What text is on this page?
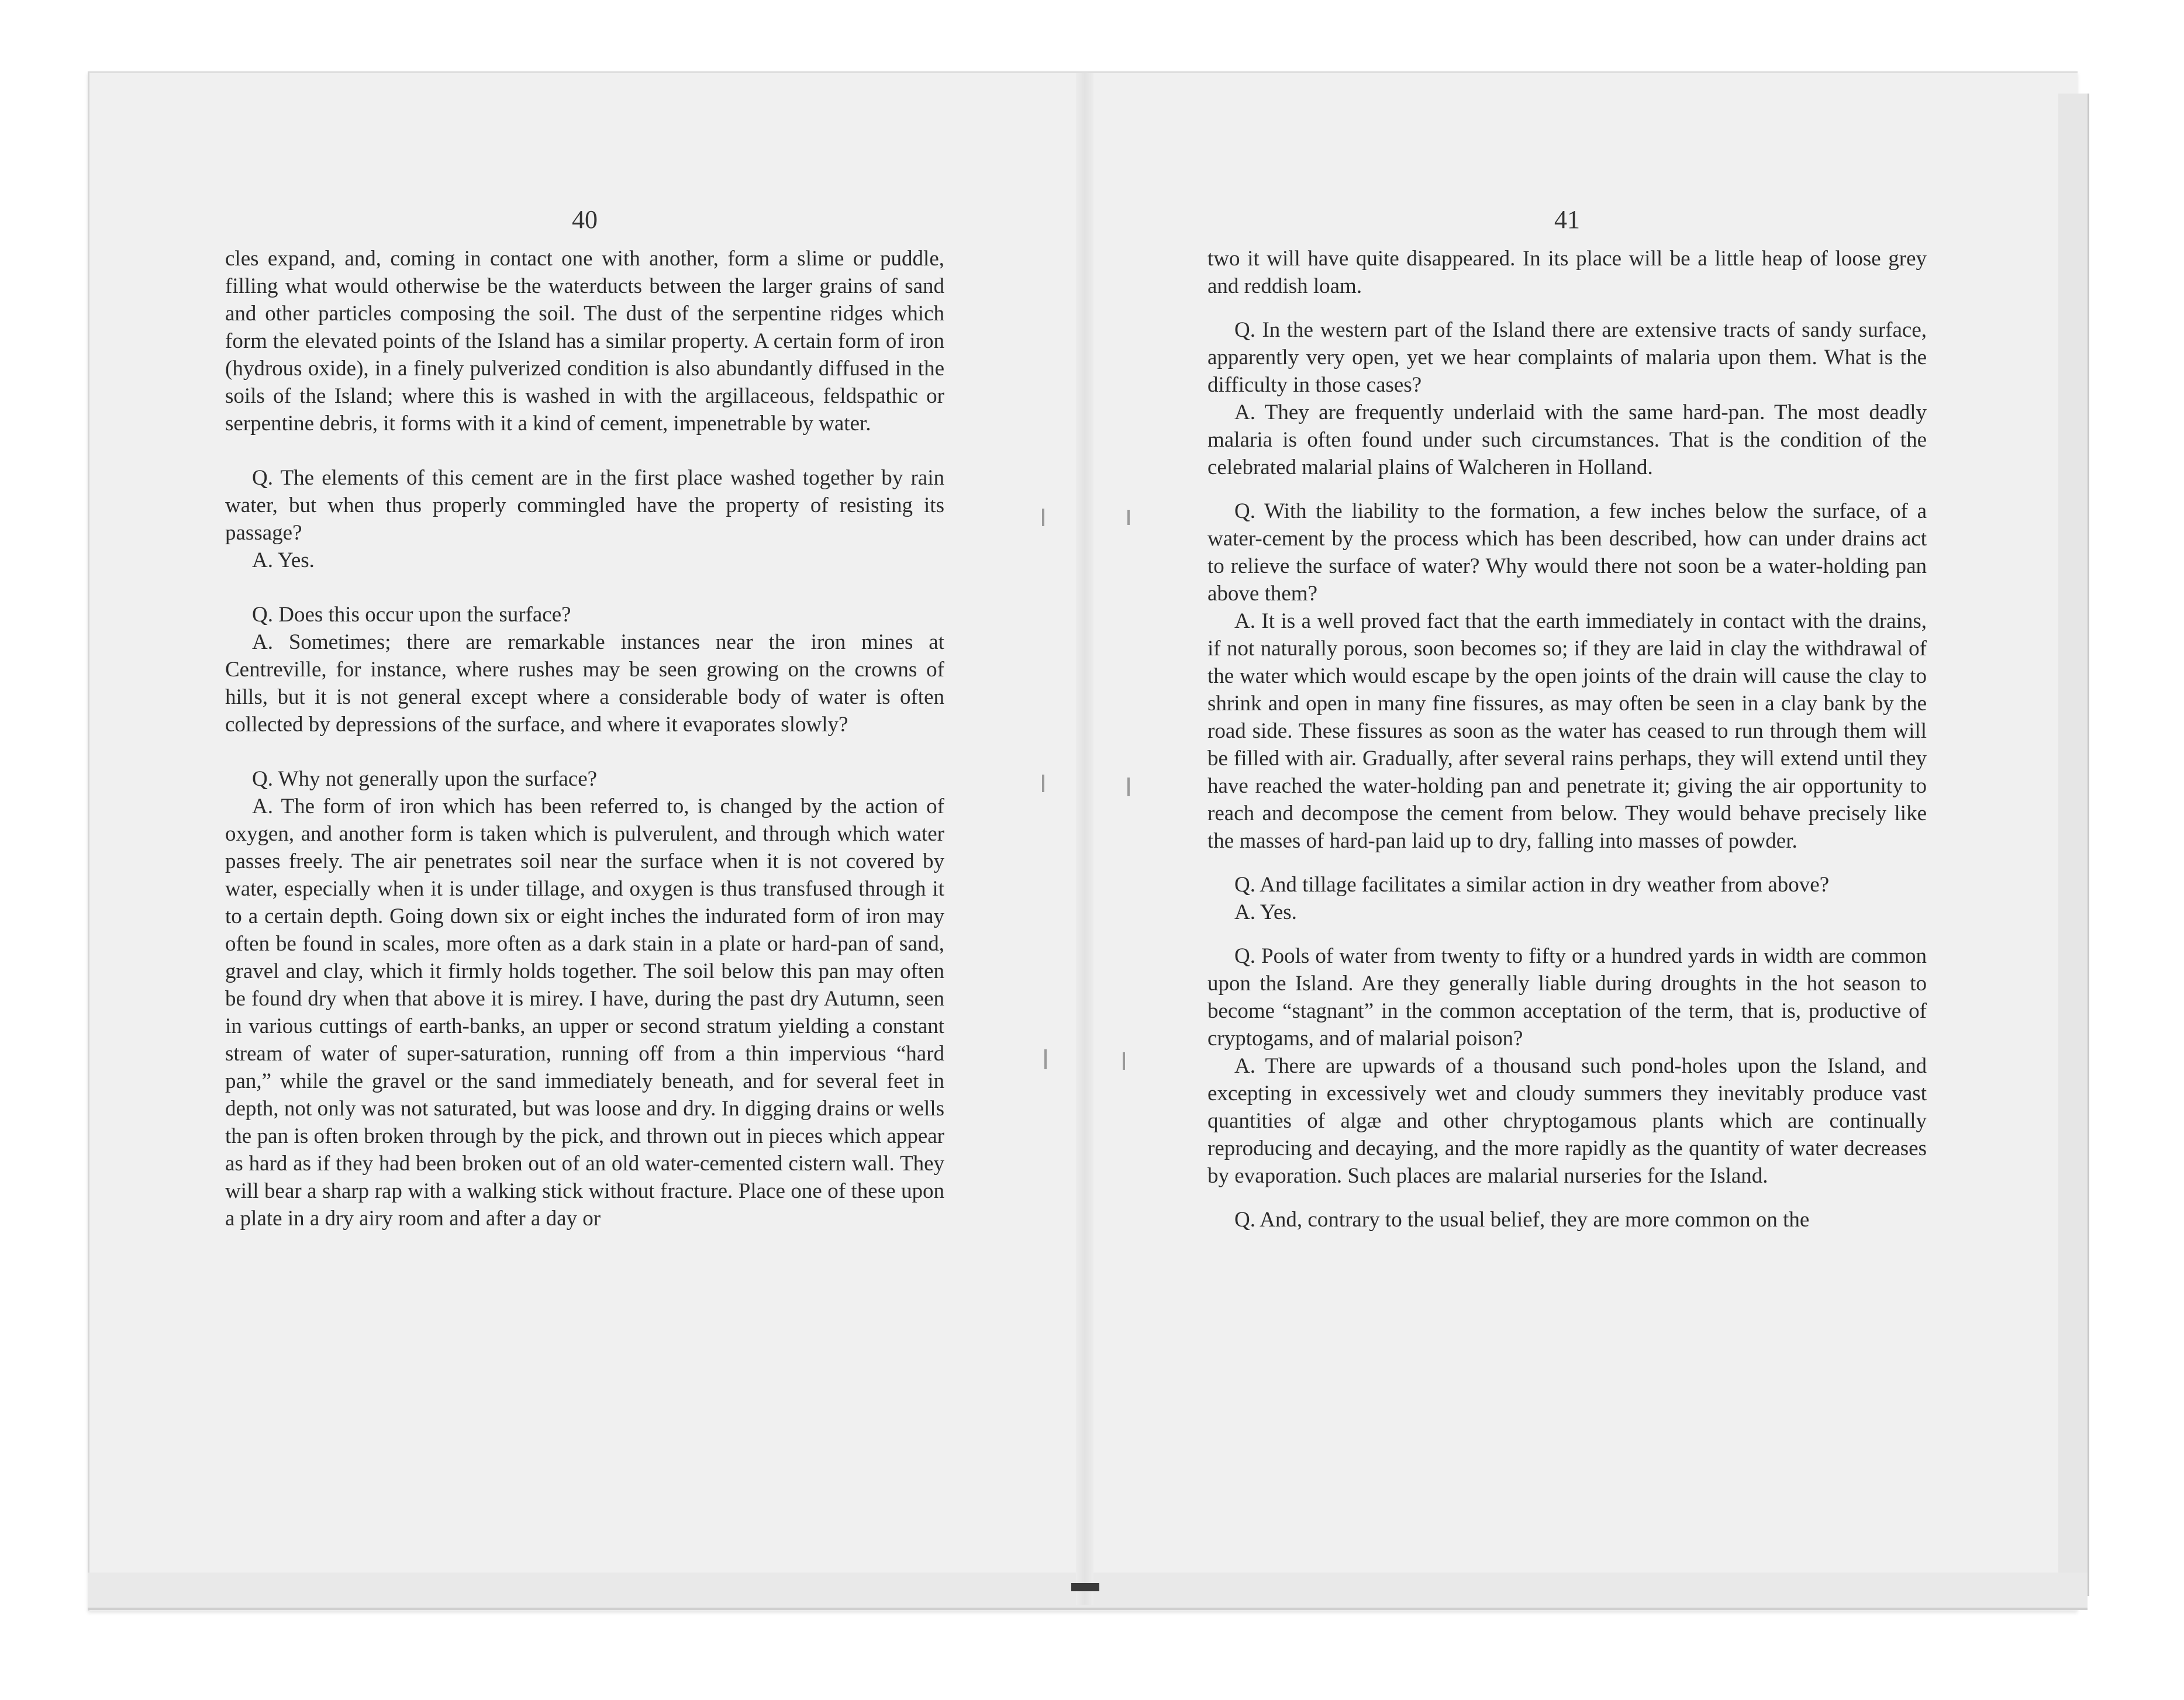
40

cles expand, and, coming in contact one with another, form a slime or puddle, filling what would otherwise be the waterducts between the larger grains of sand and other particles composing the soil. The dust of the serpentine ridges which form the elevated points of the Island has a similar property. A certain form of iron (hydrous oxide), in a finely pulverized condition is also abundantly diffused in the soils of the Island; where this is washed in with the argillaceous, feldspathic or serpentine debris, it forms with it a kind of cement, impenetrable by water.

Q. The elements of this cement are in the first place washed together by rain water, but when thus properly commingled have the property of resisting its passage?

A. Yes.

Q. Does this occur upon the surface?

A. Sometimes; there are remarkable instances near the iron mines at Centreville, for instance, where rushes may be seen growing on the crowns of hills, but it is not general except where a considerable body of water is often collected by depressions of the surface, and where it evaporates slowly?

Q. Why not generally upon the surface?

A. The form of iron which has been referred to, is changed by the action of oxygen, and another form is taken which is pulverulent, and through which water passes freely. The air penetrates soil near the surface when it is not covered by water, especially when it is under tillage, and oxygen is thus transfused through it to a certain depth. Going down six or eight inches the indurated form of iron may often be found in scales, more often as a dark stain in a plate or hard-pan of sand, gravel and clay, which it firmly holds together. The soil below this pan may often be found dry when that above it is mirey. I have, during the past dry Autumn, seen in various cuttings of earth-banks, an upper or second stratum yielding a constant stream of water of super-saturation, running off from a thin impervious “hard pan,” while the gravel or the sand immediately beneath, and for several feet in depth, not only was not saturated, but was loose and dry. In digging drains or wells the pan is often broken through by the pick, and thrown out in pieces which appear as hard as if they had been broken out of an old water-cemented cistern wall. They will bear a sharp rap with a walking stick without fracture. Place one of these upon a plate in a dry airy room and after a day or

41

two it will have quite disappeared. In its place will be a little heap of loose grey and reddish loam.

Q. In the western part of the Island there are extensive tracts of sandy surface, apparently very open, yet we hear complaints of malaria upon them. What is the difficulty in those cases?

A. They are frequently underlaid with the same hard-pan. The most deadly malaria is often found under such circumstances. That is the condition of the celebrated malarial plains of Walcheren in Holland.

Q. With the liability to the formation, a few inches below the surface, of a water-cement by the process which has been described, how can under drains act to relieve the surface of water? Why would there not soon be a water-holding pan above them?

A. It is a well proved fact that the earth immediately in contact with the drains, if not naturally porous, soon becomes so; if they are laid in clay the withdrawal of the water which would escape by the open joints of the drain will cause the clay to shrink and open in many fine fissures, as may often be seen in a clay bank by the road side. These fissures as soon as the water has ceased to run through them will be filled with air. Gradually, after several rains perhaps, they will extend until they have reached the water-holding pan and penetrate it; giving the air opportunity to reach and decompose the cement from below. They would behave precisely like the masses of hard-pan laid up to dry, falling into masses of powder.

Q. And tillage facilitates a similar action in dry weather from above?

A. Yes.

Q. Pools of water from twenty to fifty or a hundred yards in width are common upon the Island. Are they generally liable during droughts in the hot season to become “stagnant” in the common acceptation of the term, that is, productive of cryptogams, and of malarial poison?

A. There are upwards of a thousand such pond-holes upon the Island, and excepting in excessively wet and cloudy summers they inevitably produce vast quantities of algæ and other chryptogamous plants which are continually reproducing and decaying, and the more rapidly as the quantity of water decreases by evaporation. Such places are malarial nurseries for the Island.

Q. And, contrary to the usual belief, they are more common on the
